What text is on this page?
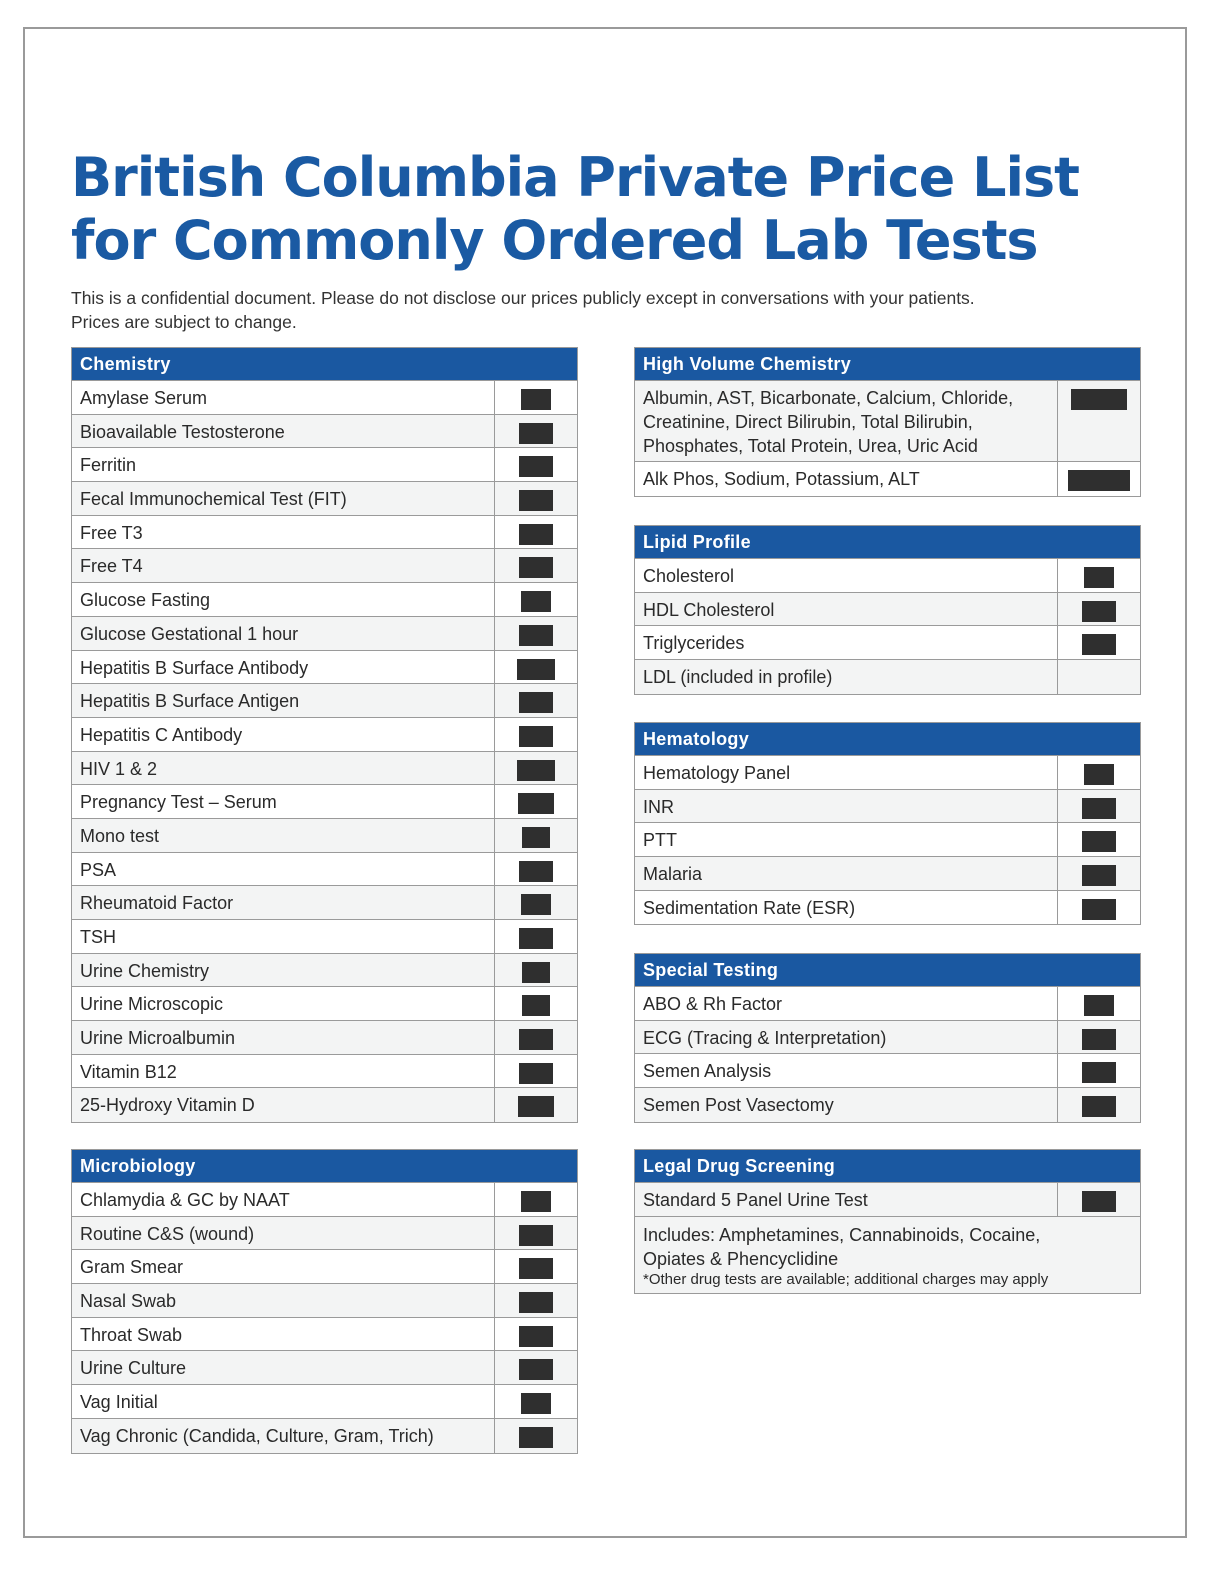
British Columbia Private Price List
for Commonly Ordered Lab Tests

This is a confidential document. Please do not disclose our prices publicly except in conversations with your patients.
Prices are subject to change.

Chemistry
Amylase Serum
Bioavailable Testosterone
Ferritin
Fecal Immunochemical Test (FIT)
Free T3
Free T4
Glucose Fasting
Glucose Gestational 1 hour
Hepatitis B Surface Antibody
Hepatitis B Surface Antigen
Hepatitis C Antibody
HIV 1 & 2
Pregnancy Test – Serum
Mono test
PSA
Rheumatoid Factor
TSH
Urine Chemistry
Urine Microscopic
Urine Microalbumin
Vitamin B12
25-Hydroxy Vitamin D
Microbiology
Chlamydia & GC by NAAT
Routine C&S (wound)
Gram Smear
Nasal Swab
Throat Swab
Urine Culture
Vag Initial
Vag Chronic (Candida, Culture, Gram, Trich)
High Volume Chemistry
Albumin, AST, Bicarbonate, Calcium, Chloride,
Creatinine, Direct Bilirubin, Total Bilirubin,
Phosphates, Total Protein, Urea, Uric Acid
Alk Phos, Sodium, Potassium, ALT
Lipid Profile
Cholesterol
HDL Cholesterol
Triglycerides
LDL (included in profile)
Hematology
Hematology Panel
INR
PTT
Malaria
Sedimentation Rate (ESR)
Special Testing
ABO & Rh Factor
ECG (Tracing & Interpretation)
Semen Analysis
Semen Post Vasectomy
Legal Drug Screening
Standard 5 Panel Urine Test
Includes: Amphetamines, Cannabinoids, Cocaine,
Opiates & Phencyclidine
*Other drug tests are available; additional charges may apply
